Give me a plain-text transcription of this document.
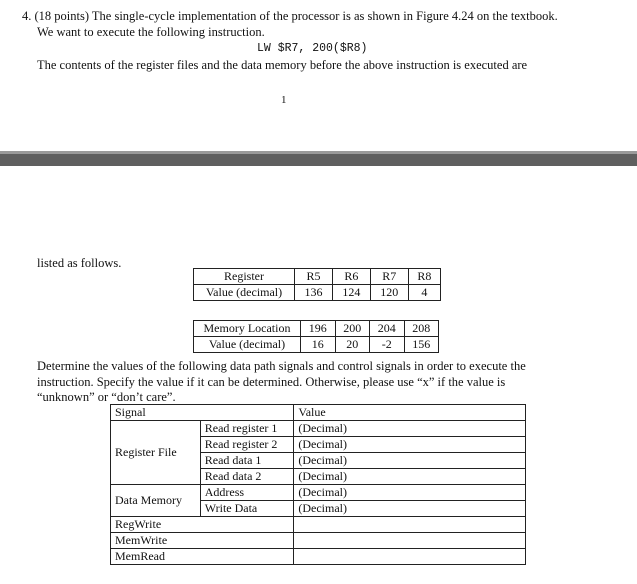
4. (18 points) The single-cycle implementation of the processor is as shown in Figure 4.24 on the textbook.
We want to execute the following instruction.
LW $R7, 200($R8)
The contents of the register files and the data memory before the above instruction is executed are
1
listed as follows.
Register	R5	R6	R7	R8
Value (decimal)	136	124	120	4
Memory Location	196	200	204	208
Value (decimal)	16	20	-2	156
Determine the values of the following data path signals and control signals in order to execute the
instruction. Specify the value if it can be determined. Otherwise, please use “x” if the value is
“unknown” or “don’t care”.
Signal		Value
Register File	Read register 1	(Decimal)
	Read register 2	(Decimal)
	Read data 1	(Decimal)
	Read data 2	(Decimal)
Data Memory	Address	(Decimal)
	Write Data	(Decimal)
RegWrite		
MemWrite		
MemRead		
